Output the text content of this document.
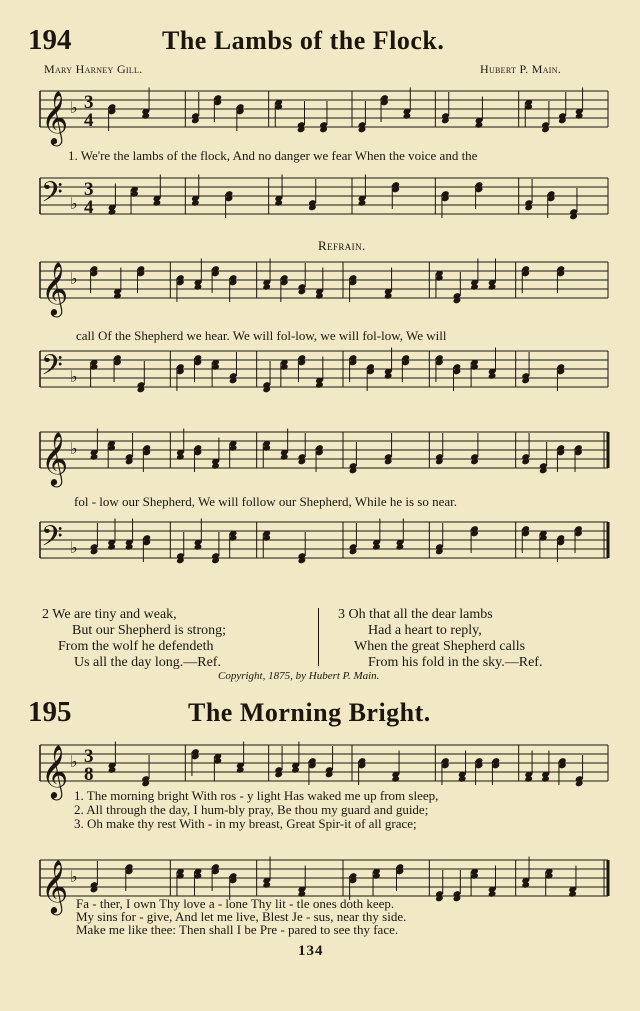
194	The Lambs of the Flock.
Mary Harney Gill.	Hubert P. Main.
𝄞 ♭ 3
4
1. We're the lambs of the flock, And no danger we fear When the voice and the
𝄢 ♭
3
4
Refrain.
𝄞 ♭
call Of the Shepherd we hear. We will fol-low, we will fol-low, We will
𝄢 ♭
𝄞 ♭
fol - low our Shepherd, We will follow our Shepherd, While he is so near.
𝄢 ♭
2 We are tiny and weak,
But our Shepherd is strong;
From the wolf he defendeth
Us all the day long.—Ref.
3 Oh that all the dear lambs
Had a heart to reply,
When the great Shepherd calls
From his fold in the sky.—Ref.
Copyright, 1875, by Hubert P. Main.
195	The Morning Bright.
𝄞 ♭ 3
8
1. The morning bright With ros - y light Has waked me up from sleep,
2. All through the day, I hum-bly pray, Be thou my guard and guide;
3. Oh make thy rest With - in my breast, Great Spir-it of all grace;
𝄞 ♭
Fa - ther, I own Thy love a - lone Thy lit - tle ones doth keep.
My sins for - give, And let me live, Blest Je - sus, near thy side.
Make me like thee: Then shall I be Pre - pared to see thy face.
134
